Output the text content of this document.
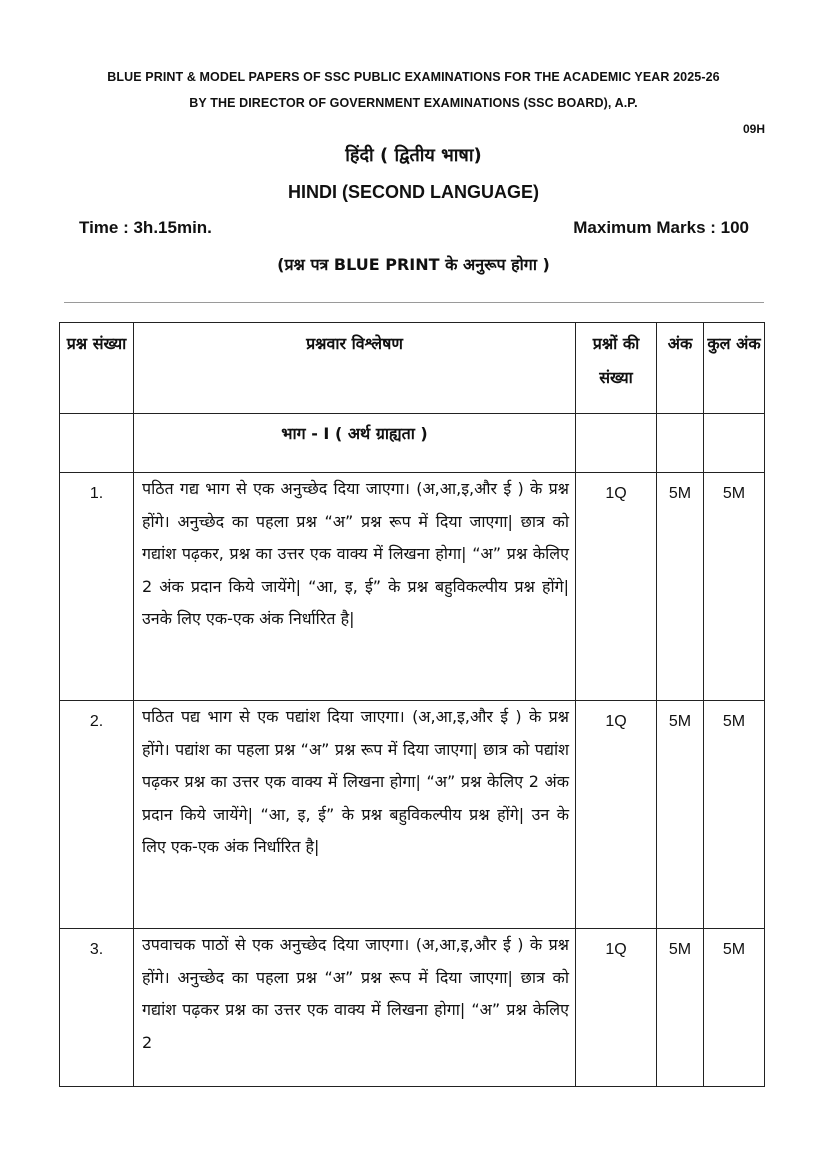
BLUE PRINT & MODEL PAPERS OF SSC PUBLIC EXAMINATIONS FOR THE ACADEMIC YEAR 2025-26
BY THE DIRECTOR OF GOVERNMENT EXAMINATIONS (SSC BOARD), A.P.
09H
हिंदी ( द्वितीय भाषा)
HINDI (SECOND LANGUAGE)
Time : 3h.15min.	Maximum Marks : 100
(प्रश्न पत्र BLUE PRINT के अनुरूप होगा )
प्रश्न संख्या	प्रश्नवार विश्लेषण	प्रश्नों की संख्या	अंक	कुल अंक
	भाग - I ( अर्थ ग्राह्यता )			
1.	पठित गद्य भाग से एक अनुच्छेद दिया जाएगा। (अ,आ,इ,और ई ) के प्रश्न होंगे। अनुच्छेद का पहला प्रश्न “अ” प्रश्न रूप में दिया जाएगा| छात्र को गद्यांश पढ़कर, प्रश्न का उत्तर एक वाक्य में लिखना होगा| “अ” प्रश्न केलिए 2 अंक प्रदान किये जायेंगे| “आ, इ, ई” के प्रश्न बहुविकल्पीय प्रश्न होंगे| उनके लिए एक-एक अंक निर्धारित है|	1Q	5M	5M
2.	पठित पद्य भाग से एक पद्यांश दिया जाएगा। (अ,आ,इ,और ई ) के प्रश्न होंगे। पद्यांश का पहला प्रश्न “अ” प्रश्न रूप में दिया जाएगा| छात्र को पद्यांश पढ़कर प्रश्न का उत्तर एक वाक्य में लिखना होगा| “अ” प्रश्न केलिए 2 अंक प्रदान किये जायेंगे| “आ, इ, ई” के प्रश्न बहुविकल्पीय प्रश्न होंगे| उन के लिए एक-एक अंक निर्धारित है|	1Q	5M	5M
3.	उपवाचक पाठों से एक अनुच्छेद दिया जाएगा। (अ,आ,इ,और ई ) के प्रश्न होंगे। अनुच्छेद का पहला प्रश्न “अ” प्रश्न रूप में दिया जाएगा| छात्र को गद्यांश पढ़कर प्रश्न का उत्तर एक वाक्य में लिखना होगा| “अ” प्रश्न केलिए 2	1Q	5M	5M
